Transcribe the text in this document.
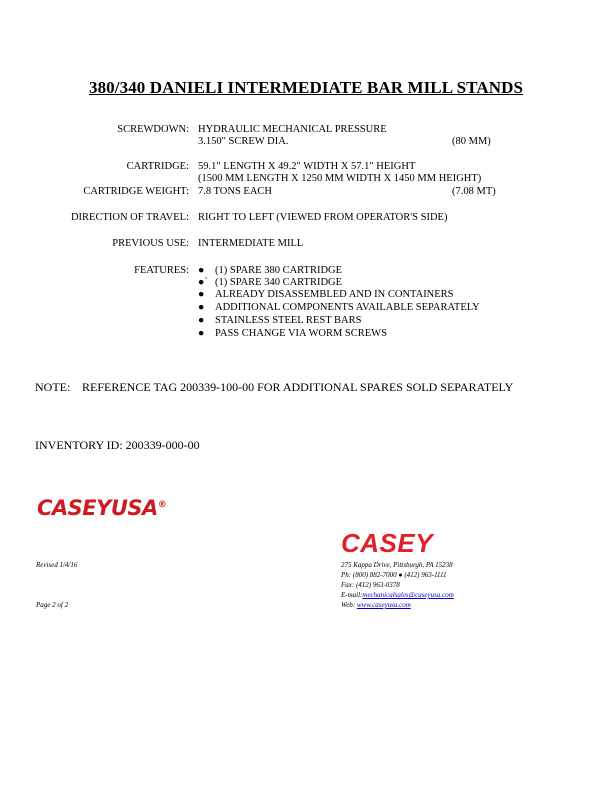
380/340 DANIELI INTERMEDIATE BAR MILL STANDS
SCREWDOWN: HYDRAULIC MECHANICAL PRESSURE
3.150" SCREW DIA.	(80 MM)
CARTRIDGE: 59.1" LENGTH X 49.2" WIDTH X 57.1" HEIGHT
(1500 MM LENGTH X 1250 MM WIDTH X 1450 MM HEIGHT)
CARTRIDGE WEIGHT: 7.8 TONS EACH	(7.08 MT)
DIRECTION OF TRAVEL: RIGHT TO LEFT (VIEWED FROM OPERATOR'S SIDE)
PREVIOUS USE: INTERMEDIATE MILL
FEATURES: ● (1) SPARE 380 CARTRIDGE
●` (1) SPARE 340 CARTRIDGE
● ALREADY DISASSEMBLED AND IN CONTAINERS
● ADDITIONAL COMPONENTS AVAILABLE SEPARATELY
● STAINLESS STEEL REST BARS
● PASS CHANGE VIA WORM SCREWS
NOTE: REFERENCE TAG 200339-100-00 FOR ADDITIONAL SPARES SOLD SEPARATELY
INVENTORY ID: 200339-000-00
CASEYUSA®
CASEY
Revised 1/4/16
Page 2 of 2
275 Kappa Drive, Pittsburgh, PA 15238
Ph: (800) 882-7000 ● (412) 963-1111
Fax: (412) 963-0378
E-mail:mechanicalsales@caseyusa.com
Web: www.caseyusa.com
